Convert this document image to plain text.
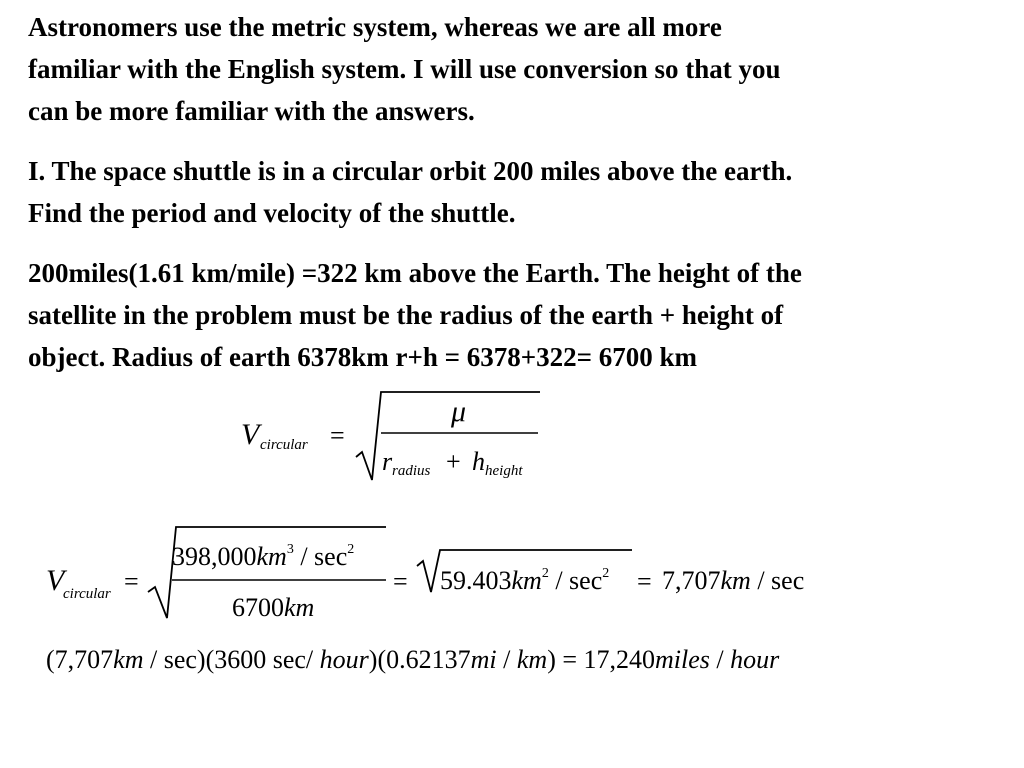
Astronomers use the metric system, whereas we are all more
familiar with the English system. I will use conversion so that you
can be more familiar with the answers.
I. The space shuttle is in a circular orbit 200 miles above the earth.
Find the period and velocity of the shuttle.
200miles(1.61 km/mile) =322 km above the Earth. The height of the
satellite in the problem must be the radius of the earth + height of
object. Radius of earth 6378km r+h = 6378+322= 6700 km
V circular =
μ
r radius + h height
V
circular =
$398,000km^3 / \sec^2$
6700km
= $59.403km^2 / \sec^2 = 7,707km / \sec$
(7,707km / sec)(3600 sec/ hour)(0.62137mi / km) = 17,240miles / hour
